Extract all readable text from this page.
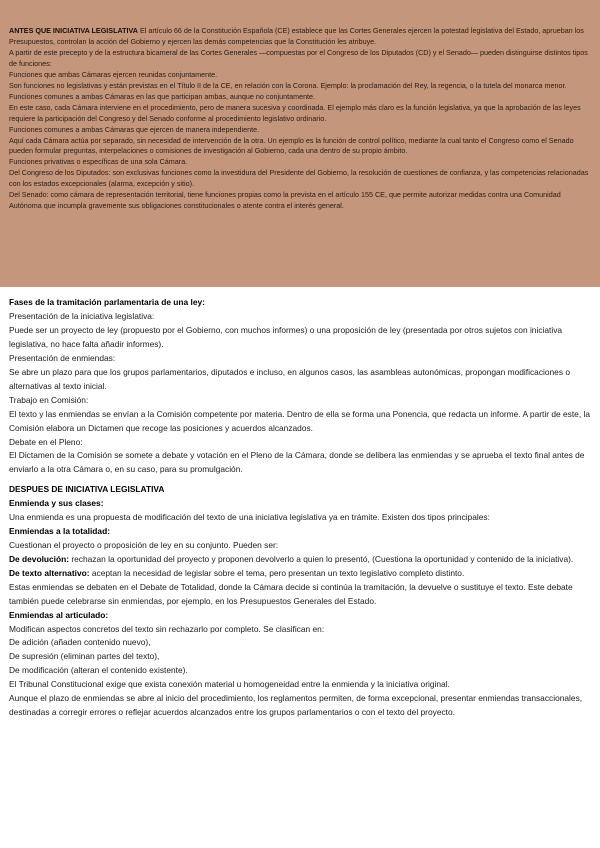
ANTES QUE INICIATIVA LEGISLATIVA El artículo 66 de la Constitución Española (CE) establece que las Cortes Generales ejercen la potestad legislativa del Estado, aprueban los Presupuestos, controlan la acción del Gobierno y ejercen las demás competencias que la Constitución les atribuye.

A partir de este precepto y de la estructura bicameral de las Cortes Generales —compuestas por el Congreso de los Diputados (CD) y el Senado— pueden distinguirse distintos tipos de funciones:

Funciones que ambas Cámaras ejercen reunidas conjuntamente.

Son funciones no legislativas y están previstas en el Título II de la CE, en relación con la Corona. Ejemplo: la proclamación del Rey, la regencia, o la tutela del monarca menor.

Funciones comunes a ambas Cámaras en las que participan ambas, aunque no conjuntamente.

En este caso, cada Cámara interviene en el procedimiento, pero de manera sucesiva y coordinada. El ejemplo más claro es la función legislativa, ya que la aprobación de las leyes requiere la participación del Congreso y del Senado conforme al procedimiento legislativo ordinario.

Funciones comunes a ambas Cámaras que ejercen de manera independiente.

Aquí cada Cámara actúa por separado, sin necesidad de intervención de la otra. Un ejemplo es la función de control político, mediante la cual tanto el Congreso como el Senado pueden formular preguntas, interpelaciones o comisiones de investigación al Gobierno, cada una dentro de su propio ámbito.

Funciones privativas o específicas de una sola Cámara.

Del Congreso de los Diputados: son exclusivas funciones como la investidura del Presidente del Gobierno, la resolución de cuestiones de confianza, y las competencias relacionadas con los estados excepcionales (alarma, excepción y sitio).

Del Senado: como cámara de representación territorial, tiene funciones propias como la prevista en el artículo 155 CE, que permite autorizar medidas contra una Comunidad Autónoma que incumpla gravemente sus obligaciones constitucionales o atente contra el interés general.

Fases de la tramitación parlamentaria de una ley:

Presentación de la iniciativa legislativa:

Puede ser un proyecto de ley (propuesto por el Gobierno, con muchos informes) o una proposición de ley (presentada por otros sujetos con iniciativa legislativa, no hace falta añadir informes).

Presentación de enmiendas:

Se abre un plazo para que los grupos parlamentarios, diputados e incluso, en algunos casos, las asambleas autonómicas, propongan modificaciones o alternativas al texto inicial.

Trabajo en Comisión:

El texto y las enmiendas se envían a la Comisión competente por materia. Dentro de ella se forma una Ponencia, que redacta un informe. A partir de este, la Comisión elabora un Dictamen que recoge las posiciones y acuerdos alcanzados.

Debate en el Pleno:

El Dictamen de la Comisión se somete a debate y votación en el Pleno de la Cámara, donde se delibera las enmiendas y se aprueba el texto final antes de enviarlo a la otra Cámara o, en su caso, para su promulgación.

DESPUES DE INICIATIVA LEGISLATIVA

Enmienda y sus clases:

Una enmienda es una propuesta de modificación del texto de una iniciativa legislativa ya en trámite. Existen dos tipos principales:

Enmiendas a la totalidad:

Cuestionan el proyecto o proposición de ley en su conjunto. Pueden ser:

De devolución: rechazan la oportunidad del proyecto y proponen devolverlo a quien lo presentó, (Cuestiona la oportunidad y contenido de la iniciativa).

De texto alternativo: aceptan la necesidad de legislar sobre el tema, pero presentan un texto legislativo completo distinto.

Estas enmiendas se debaten en el Debate de Totalidad, donde la Cámara decide si continúa la tramitación, la devuelve o sustituye el texto. Este debate también puede celebrarse sin enmiendas, por ejemplo, en los Presupuestos Generales del Estado.

Enmiendas al articulado:

Modifican aspectos concretos del texto sin rechazarlo por completo. Se clasifican en:

De adición (añaden contenido nuevo),

De supresión (eliminan partes del texto),

De modificación (alteran el contenido existente).

El Tribunal Constitucional exige que exista conexión material u homogeneidad entre la enmienda y la iniciativa original.

Aunque el plazo de enmiendas se abre al inicio del procedimiento, los reglamentos permiten, de forma excepcional, presentar enmiendas transaccionales, destinadas a corregir errores o reflejar acuerdos alcanzados entre los grupos parlamentarios o con el texto del proyecto.
